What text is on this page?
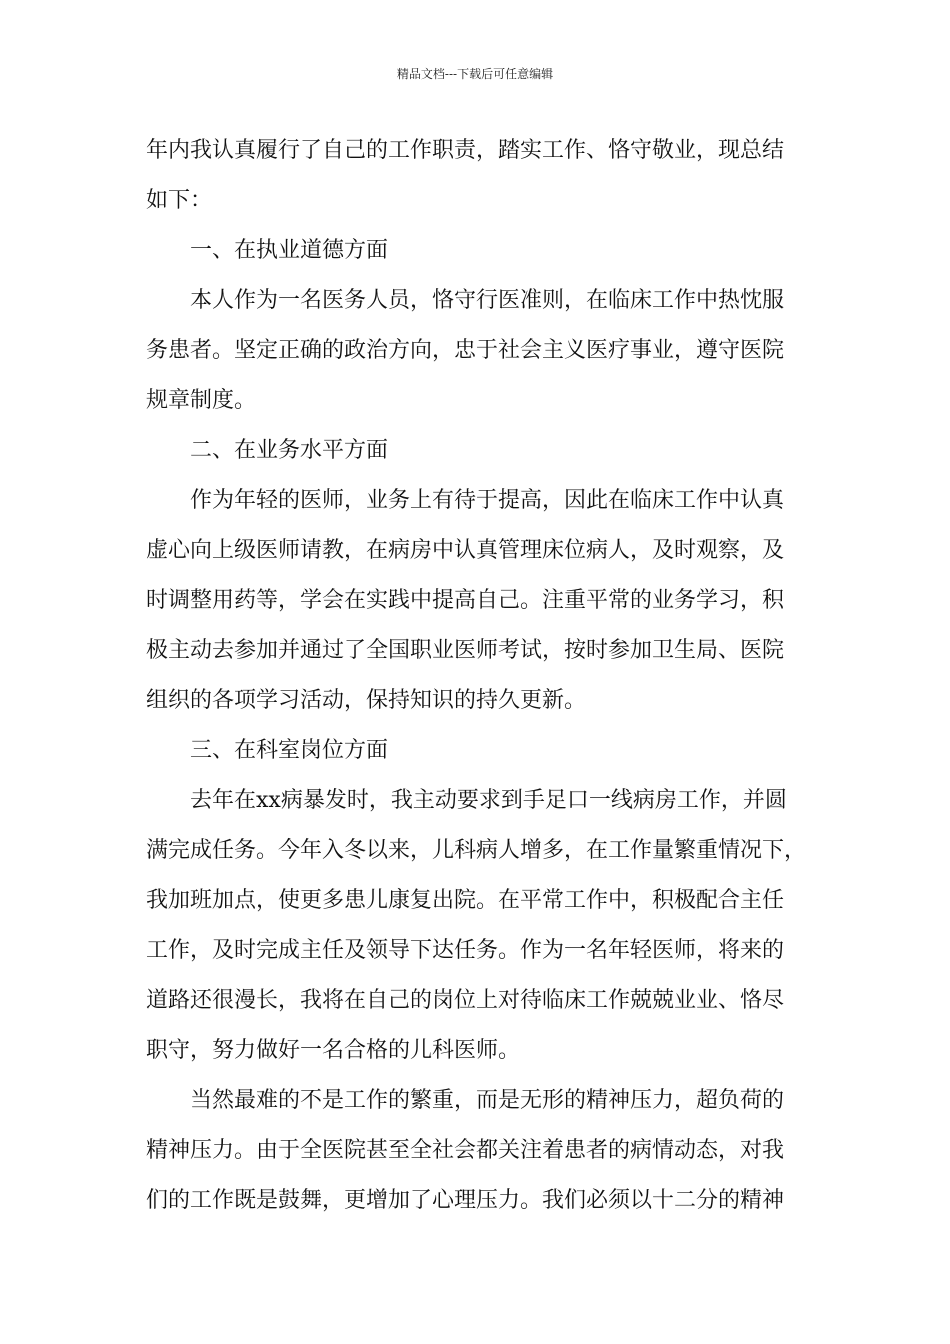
精品文档---下载后可任意编辑
年内我认真履行了自己的工作职责，踏实工作、恪守敬业，现总结
如下：
一、在执业道德方面
本人作为一名医务人员，恪守行医准则，在临床工作中热忱服
务患者。坚定正确的政治方向，忠于社会主义医疗事业，遵守医院
规章制度。
二、在业务水平方面
作为年轻的医师，业务上有待于提高，因此在临床工作中认真
虚心向上级医师请教，在病房中认真管理床位病人，及时观察，及
时调整用药等，学会在实践中提高自己。注重平常的业务学习，积
极主动去参加并通过了全国职业医师考试，按时参加卫生局、医院
组织的各项学习活动，保持知识的持久更新。
三、在科室岗位方面
去年在xx病暴发时，我主动要求到手足口一线病房工作，并圆
满完成任务。今年入冬以来，儿科病人增多，在工作量繁重情况下，
我加班加点，使更多患儿康复出院。在平常工作中，积极配合主任
工作，及时完成主任及领导下达任务。作为一名年轻医师，将来的
道路还很漫长，我将在自己的岗位上对待临床工作兢兢业业、恪尽
职守，努力做好一名合格的儿科医师。
当然最难的不是工作的繁重，而是无形的精神压力，超负荷的
精神压力。由于全医院甚至全社会都关注着患者的病情动态，对我
们的工作既是鼓舞，更增加了心理压力。我们必须以十二分的精神
